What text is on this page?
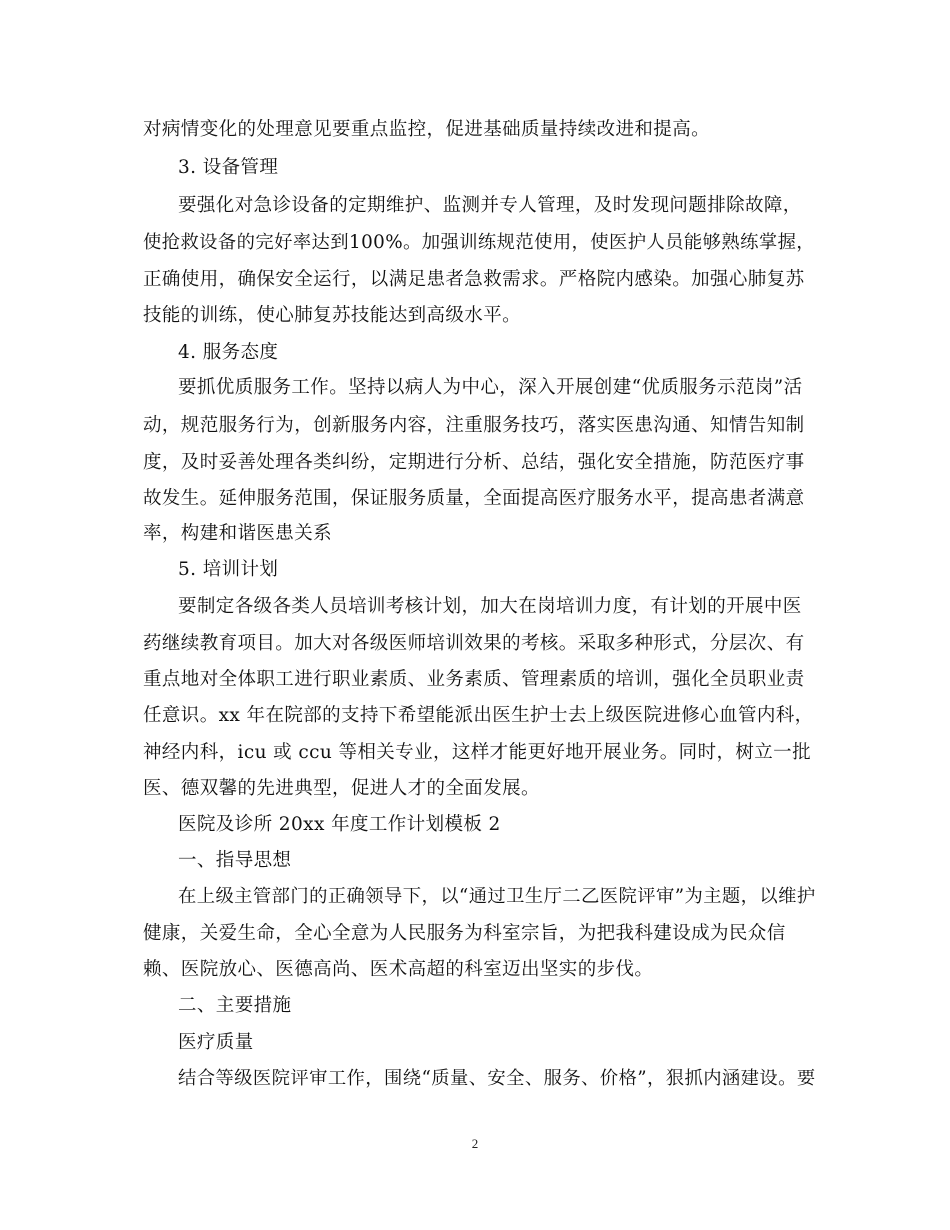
对病情变化的处理意见要重点监控，促进基础质量持续改进和提高。
3. 设备管理
要强化对急诊设备的定期维护、监测并专人管理，及时发现问题排除故障，
使抢救设备的完好率达到100%。加强训练规范使用，使医护人员能够熟练掌握，
正确使用，确保安全运行，以满足患者急救需求。严格院内感染。加强心肺复苏
技能的训练，使心肺复苏技能达到高级水平。
4. 服务态度
要抓优质服务工作。坚持以病人为中心，深入开展创建“优质服务示范岗”活
动，规范服务行为，创新服务内容，注重服务技巧，落实医患沟通、知情告知制
度，及时妥善处理各类纠纷，定期进行分析、总结，强化安全措施，防范医疗事
故发生。延伸服务范围，保证服务质量，全面提高医疗服务水平，提高患者满意
率，构建和谐医患关系
5. 培训计划
要制定各级各类人员培训考核计划，加大在岗培训力度，有计划的开展中医
药继续教育项目。加大对各级医师培训效果的考核。采取多种形式，分层次、有
重点地对全体职工进行职业素质、业务素质、管理素质的培训，强化全员职业责
任意识。xx 年在院部的支持下希望能派出医生护士去上级医院进修心血管内科，
神经内科，icu 或 ccu 等相关专业，这样才能更好地开展业务。同时，树立一批
医、德双馨的先进典型，促进人才的全面发展。
医院及诊所 20xx 年度工作计划模板 2
一、指导思想
在上级主管部门的正确领导下，以“通过卫生厅二乙医院评审”为主题，以维护
健康，关爱生命，全心全意为人民服务为科室宗旨，为把我科建设成为民众信
赖、医院放心、医德高尚、医术高超的科室迈出坚实的步伐。
二、主要措施
医疗质量
结合等级医院评审工作，围绕“质量、安全、服务、价格”，狠抓内涵建设。要
2
